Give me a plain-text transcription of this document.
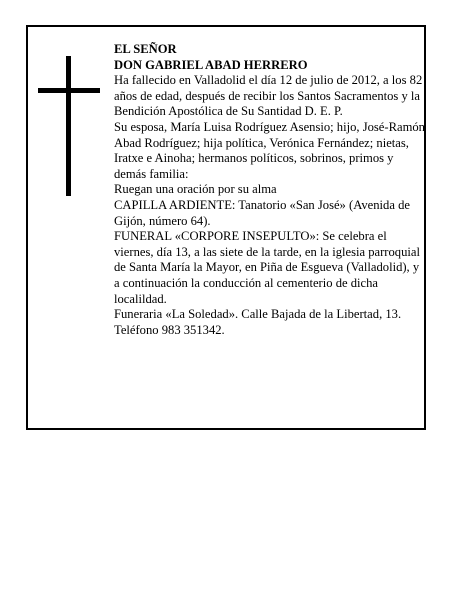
EL SEÑOR

DON GABRIEL ABAD HERRERO

Ha fallecido en Valladolid el día 12 de julio de 2012, a los 82 años de edad, después de recibir los Santos Sacramentos y la Bendición Apostólica de Su Santidad D. E. P.

Su esposa, María Luisa Rodríguez Asensio; hijo, José-Ramón Abad Rodríguez; hija política, Verónica Fernández; nietas, Iratxe e Ainoha; hermanos políticos, sobrinos, primos y demás familia:

Ruegan una oración por su alma

CAPILLA ARDIENTE: Tanatorio «San José» (Avenida de Gijón, número 64).

FUNERAL «CORPORE INSEPULTO»: Se celebra el viernes, día 13, a las siete de la tarde, en la iglesia parroquial de Santa María la Mayor, en Piña de Esgueva (Valladolid), y a continuación la conducción al cementerio de dicha localildad.

Funeraria «La Soledad». Calle Bajada de la Libertad, 13. Teléfono 983 351342.
